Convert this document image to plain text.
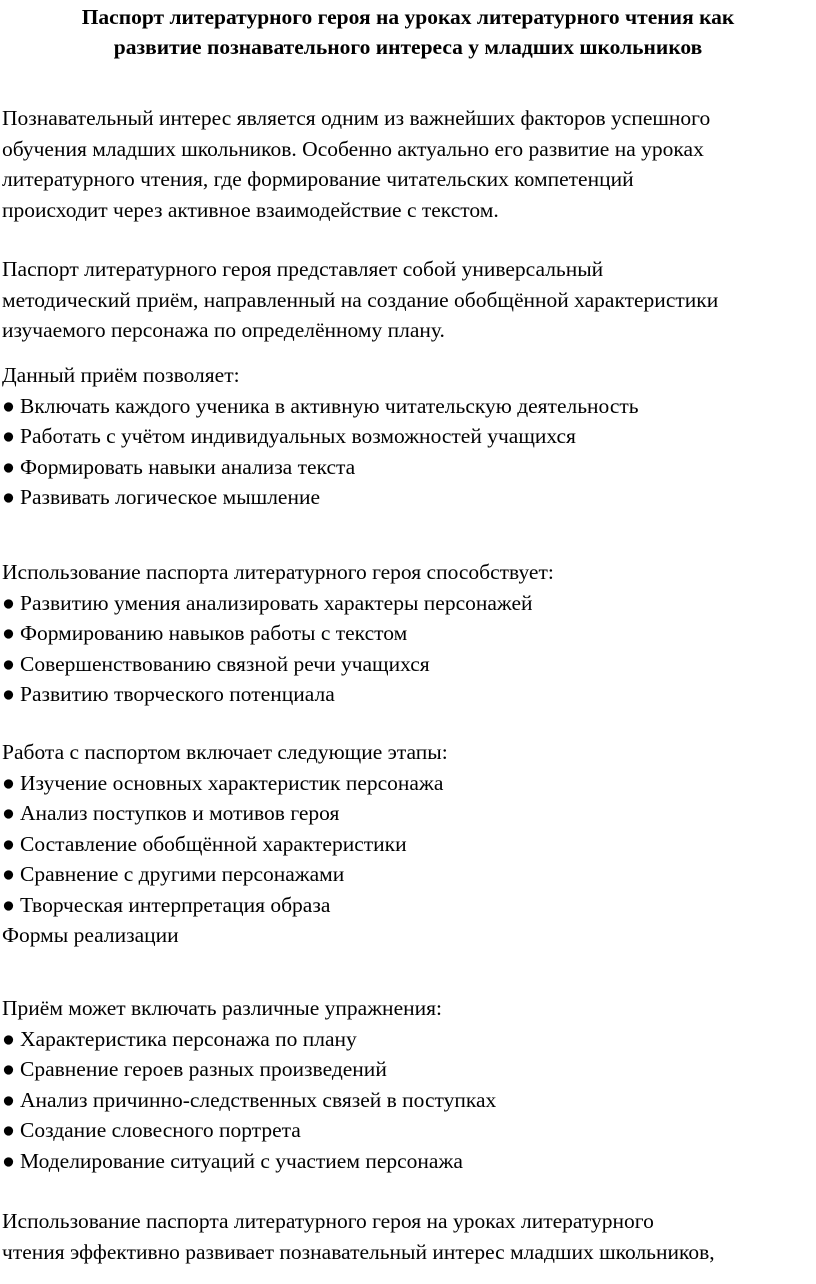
Паспорт литературного героя на уроках литературного чтения как
развитие познавательного интереса у младших школьников
Познавательный интерес является одним из важнейших факторов успешного
обучения младших школьников. Особенно актуально его развитие на уроках
литературного чтения, где формирование читательских компетенций
происходит через активное взаимодействие с текстом.
Паспорт литературного героя представляет собой универсальный
методический приём, направленный на создание обобщённой характеристики
изучаемого персонажа по определённому плану.
Данный приём позволяет:
● Включать каждого ученика в активную читательскую деятельность
● Работать с учётом индивидуальных возможностей учащихся
● Формировать навыки анализа текста
● Развивать логическое мышление
Использование паспорта литературного героя способствует:
● Развитию умения анализировать характеры персонажей
● Формированию навыков работы с текстом
● Совершенствованию связной речи учащихся
● Развитию творческого потенциала
Работа с паспортом включает следующие этапы:
● Изучение основных характеристик персонажа
● Анализ поступков и мотивов героя
● Составление обобщённой характеристики
● Сравнение с другими персонажами
● Творческая интерпретация образа
Формы реализации
Приём может включать различные упражнения:
● Характеристика персонажа по плану
● Сравнение героев разных произведений
● Анализ причинно-следственных связей в поступках
● Создание словесного портрета
● Моделирование ситуаций с участием персонажа
Использование паспорта литературного героя на уроках литературного
чтения эффективно развивает познавательный интерес младших школьников,
